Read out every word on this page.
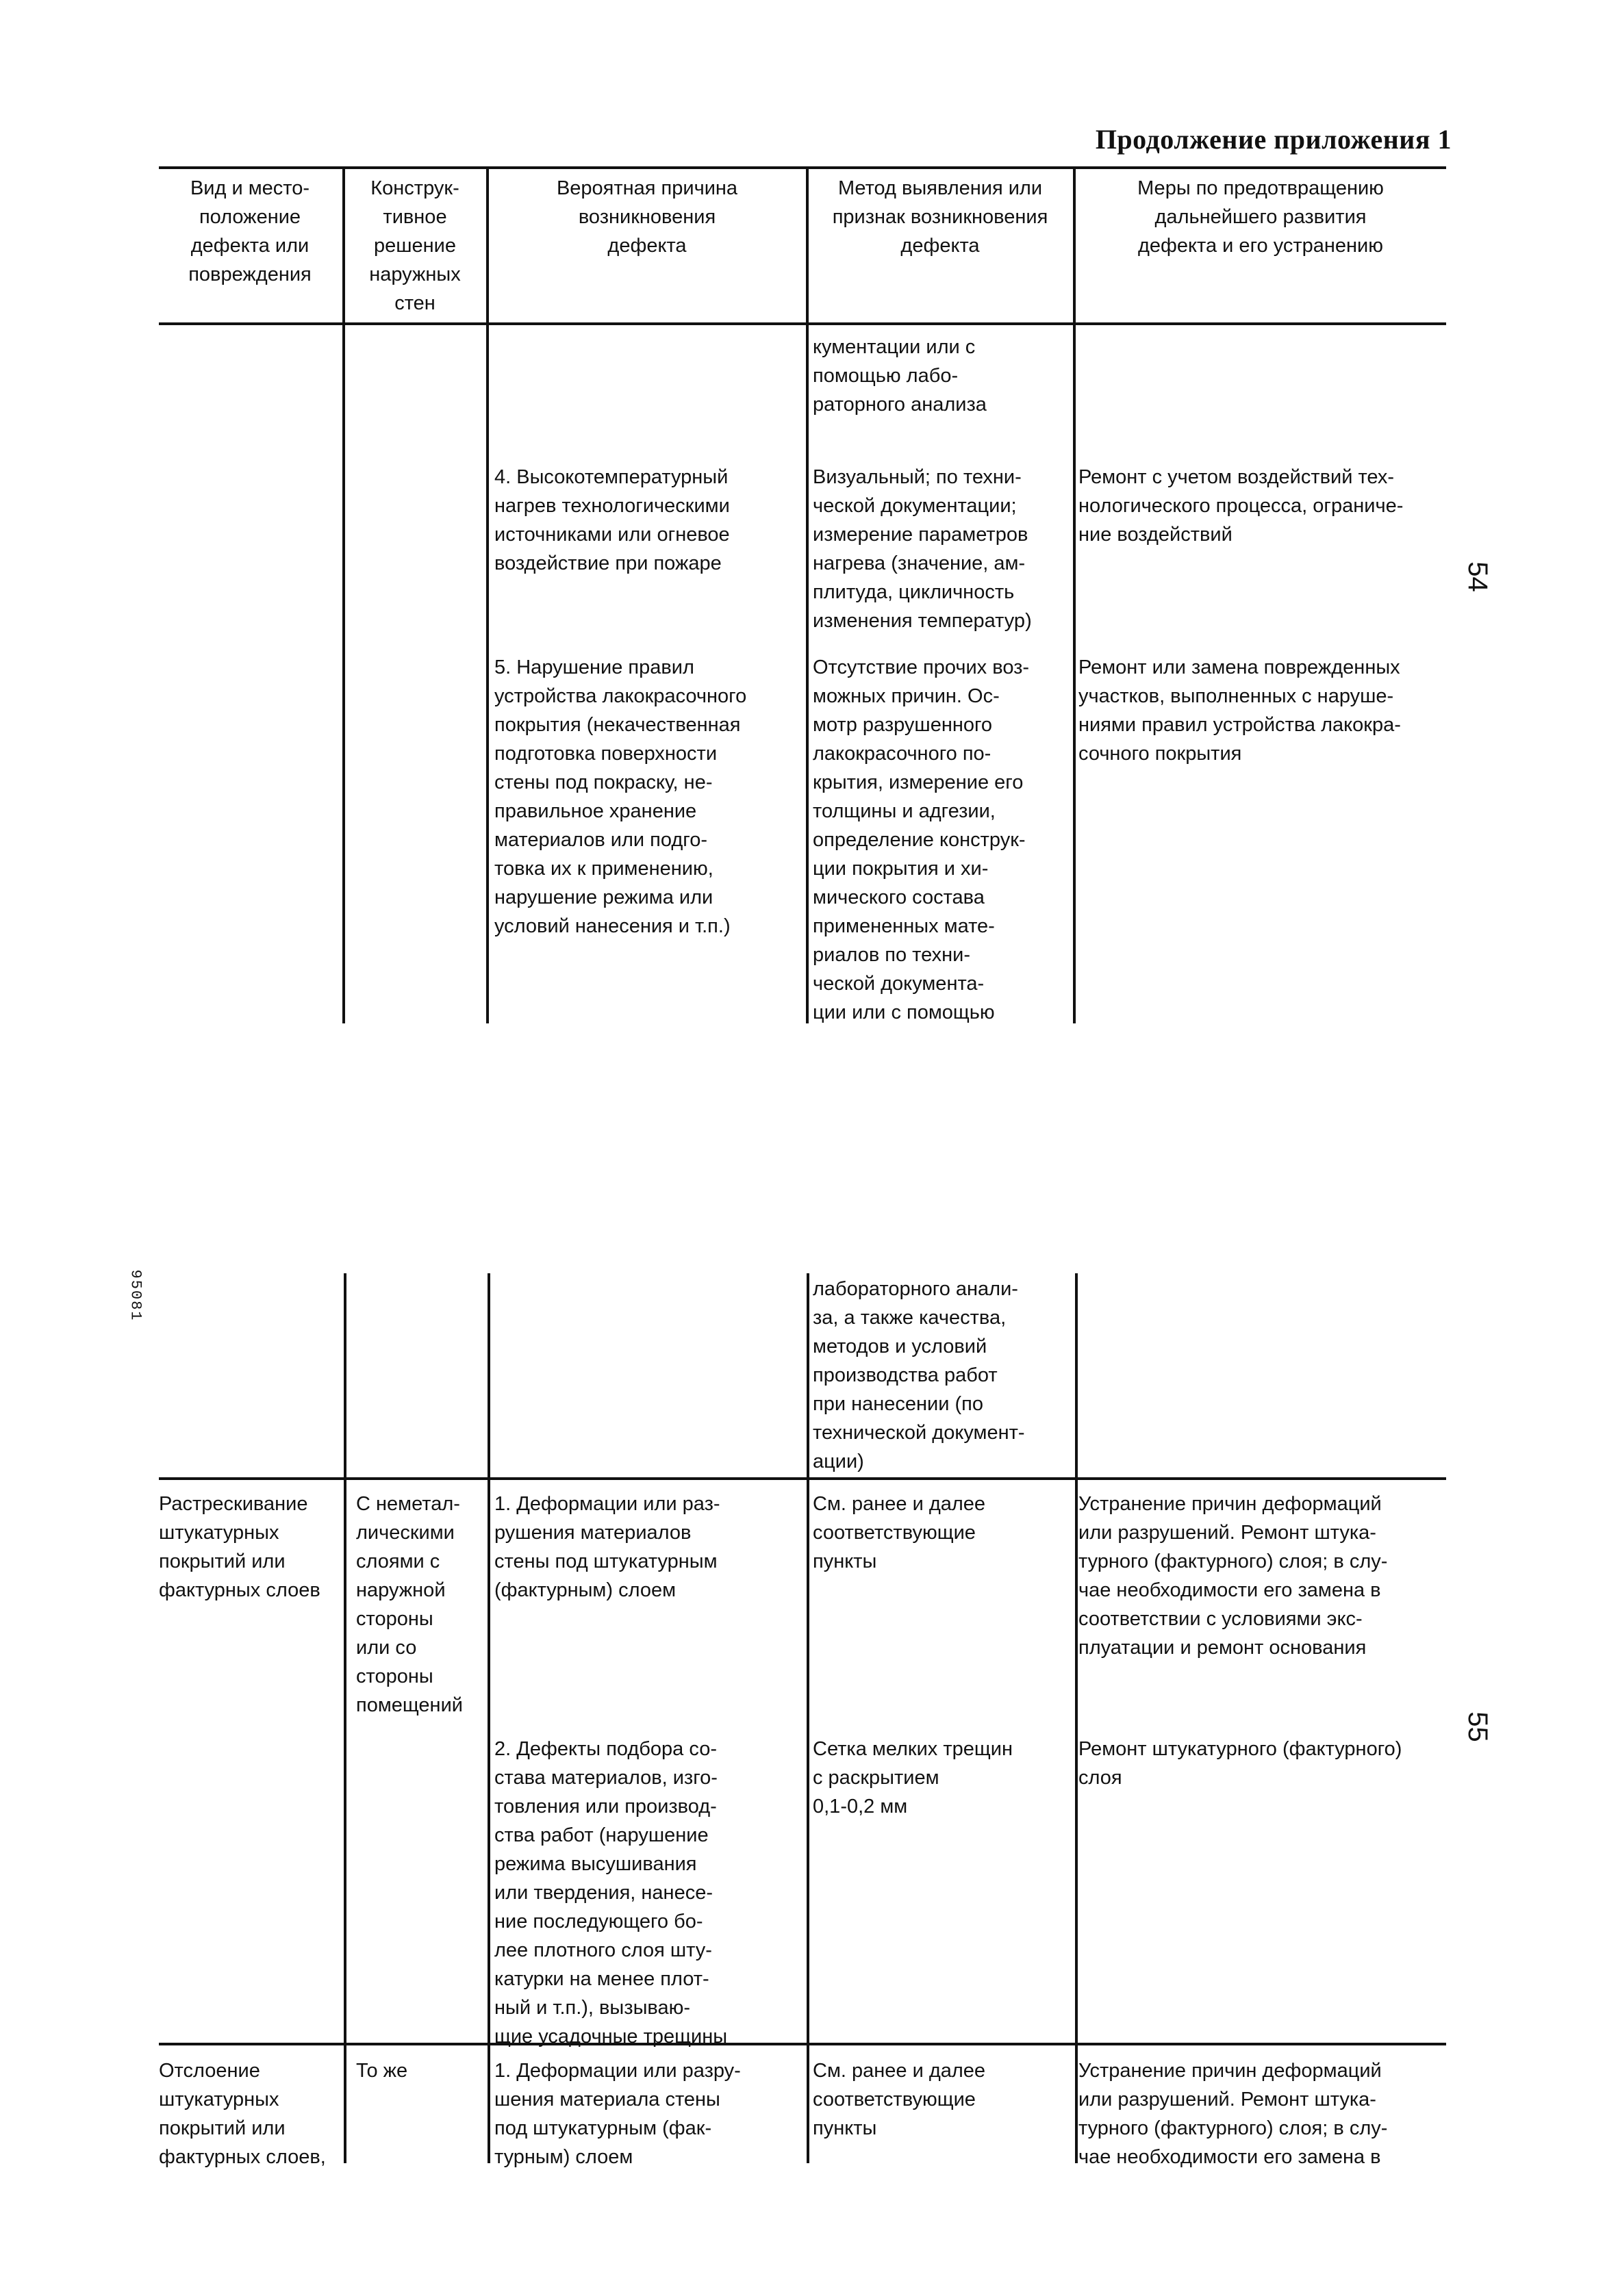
Продолжение приложения 1
Вид и место-
положение
дефекта или
повреждения
Конструк-
тивное
решение
наружных
стен
Вероятная причина
возникновения
дефекта
Метод выявления или
признак возникновения
дефекта
Меры по предотвращению
дальнейшего развития
дефекта и его устранению
кументации или с
помощью лабо-
раторного анализа
4. Высокотемпературный
нагрев технологическими
источниками или огневое
воздействие при пожаре
Визуальный; по техни-
ческой документации;
измерение параметров
нагрева (значение, ам-
плитуда, цикличность
изменения температур)
Ремонт с учетом воздействий тех-
нологического процесса, ограниче-
ние воздействий
5. Нарушение правил
устройства лакокрасочного
покрытия (некачественная
подготовка поверхности
стены под покраску, не-
правильное хранение
материалов или подго-
товка их к применению,
нарушение режима или
условий нанесения и т.п.)
Отсутствие прочих воз-
можных причин. Ос-
мотр разрушенного
лакокрасочного по-
крытия, измерение его
толщины и адгезии,
определение конструк-
ции покрытия и хи-
мического состава
примененных мате-
риалов по техни-
ческой документа-
ции или с помощью
Ремонт или замена поврежденных
участков, выполненных с наруше-
ниями правил устройства лакокра-
сочного покрытия
лабораторного анали-
за, а также качества,
методов и условий
производства работ
при нанесении (по
технической документ-
ации)
Растрескивание
штукатурных
покрытий или
фактурных слоев
С неметал-
лическими
слоями с
наружной
стороны
или со
стороны
помещений
1. Деформации или раз-
рушения материалов
стены под штукатурным
(фактурным) слоем
См. ранее и далее
соответствующие
пункты
Устранение причин деформаций
или разрушений. Ремонт штука-
турного (фактурного) слоя; в слу-
чае необходимости его замена в
соответствии с условиями экс-
плуатации и ремонт основания
2. Дефекты подбора со-
става материалов, изго-
товления или производ-
ства работ (нарушение
режима высушивания
или твердения, нанесе-
ние последующего бо-
лее плотного слоя шту-
катурки на менее плот-
ный и т.п.), вызываю-
щие усадочные трещины
Сетка мелких трещин
с раскрытием
0,1-0,2 мм
Ремонт штукатурного (фактурного)
слоя
Отслоение
штукатурных
покрытий или
фактурных слоев,
То же	1. Деформации или разру-
шения материала стены
под штукатурным (фак-
турным) слоем
См. ранее и далее
соответствующие
пункты
Устранение причин деформаций
или разрушений. Ремонт штука-
турного (фактурного) слоя; в слу-
чае необходимости его замена в
54
55
95081
